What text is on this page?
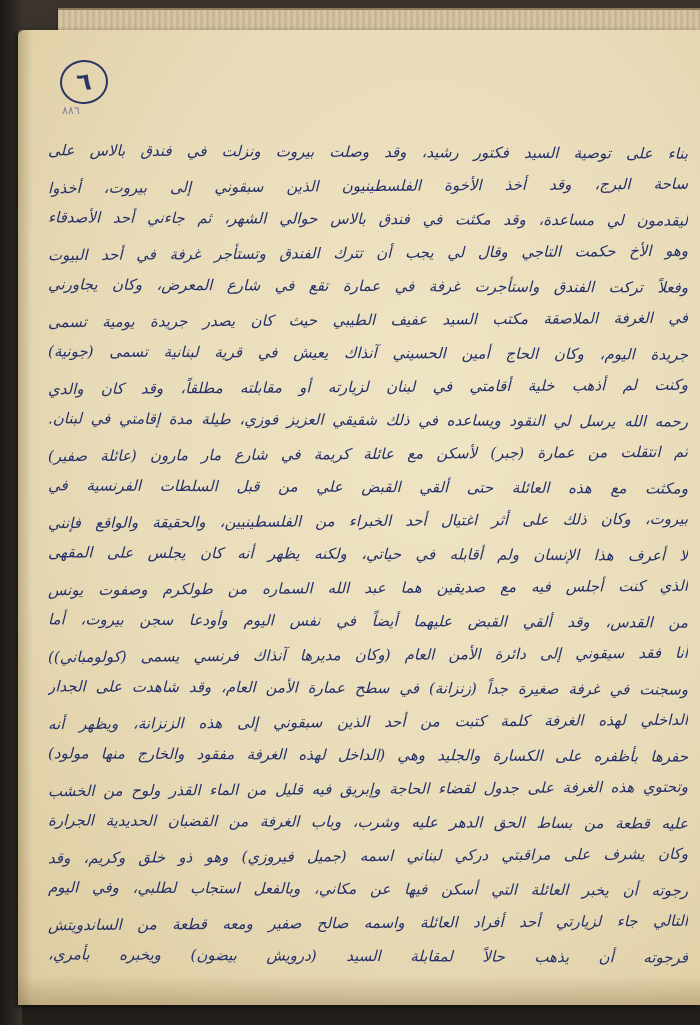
٦
٨٨٦
بناء على توصية السيد فكتور رشيد، وقد وصلت بيروت ونزلت في فندق بالاس على
ساحة البرج، وقد أخذ الأخوة الفلسطينيون الذين سبقوني إلى بيروت، أخذوا
ليقدمون لي مساعدة، وقد مكثت في فندق بالاس حوالي الشهر، ثم جاءني أحد الأصدقاء
وهو الأخ حكمت التاجي وقال لي يجب أن تترك الفندق وتستأجر غرفة في أحد البيوت
وفعلاً تركت الفندق واستأجرت غرفة في عمارة تقع في شارع المعرض، وكان يجاورني
في الغرفة الملاصقة مكتب السيد عفيف الطيبي حيث كان يصدر جريدة يومية تسمى
جريدة اليوم، وكان الحاج أمين الحسيني آنذاك يعيش في قرية لبنانية تسمى (جونية)
وكنت لم أذهب خلية أقامتي في لبنان لزيارته أو مقابلته مطلقاً، وقد كان والدي
رحمه الله يرسل لي النقود ويساعده في ذلك شقيقي العزيز فوزي، طيلة مدة إقامتي في لبنان.
ثم انتقلت من عمارة (جبر) لأسكن مع عائلة كريمة في شارع مار مارون (عائلة صفير)
ومكثت مع هذه العائلة حتى ألقي القبض علي من قبل السلطات الفرنسية في
بيروت، وكان ذلك على أثر اغتيال أحد الخبراء من الفلسطينيين، والحقيقة والواقع فإنني
لا أعرف هذا الإنسان ولم أقابله في حياتي، ولكنه يظهر أنه كان يجلس على المقهى
الذي كنت أجلس فيه مع صديقين هما عبد الله السماره من طولكرم وصفوت يونس
من القدس، وقد ألقي القبض عليهما أيضاً في نفس اليوم وأودعا سجن بيروت، أما
أنا فقد سيقوني إلى دائرة الأمن العام (وكان مديرها آنذاك فرنسي يسمى (كولومباني))
وسجنت في غرفة صغيرة جداً (زنزانة) في سطح عمارة الأمن العام، وقد شاهدت على الجدار
الداخلي لهذه الغرفة كلمة كتبت من أحد الذين سبقوني إلى هذه الزنزانة، ويظهر أنه
حفرها بأظفره على الكسارة والجليد وهي (الداخل لهذه الغرفة مفقود والخارج منها مولود)
وتحتوي هذه الغرفة على جدول لقضاء الحاجة وإبريق فيه قليل من الماء القذر ولوح من الخشب
عليه قطعة من بساط الحق الدهر عليه وشرب، وباب الغرفة من القضبان الحديدية الجرارة
وكان يشرف على مراقبتي دركي لبناني اسمه (جميل فيروزي) وهو ذو خلق وكريم، وقد
رجوته أن يخبر العائلة التي أسكن فيها عن مكاني، وبالفعل استجاب لطلبي، وفي اليوم
التالي جاء لزيارتي أحد أفراد العائلة واسمه صالح صفير ومعه قطعة من الساندويتش
فرجوته أن يذهب حالاً لمقابلة السيد (درويش بيضون) ويخبره بأمري،
